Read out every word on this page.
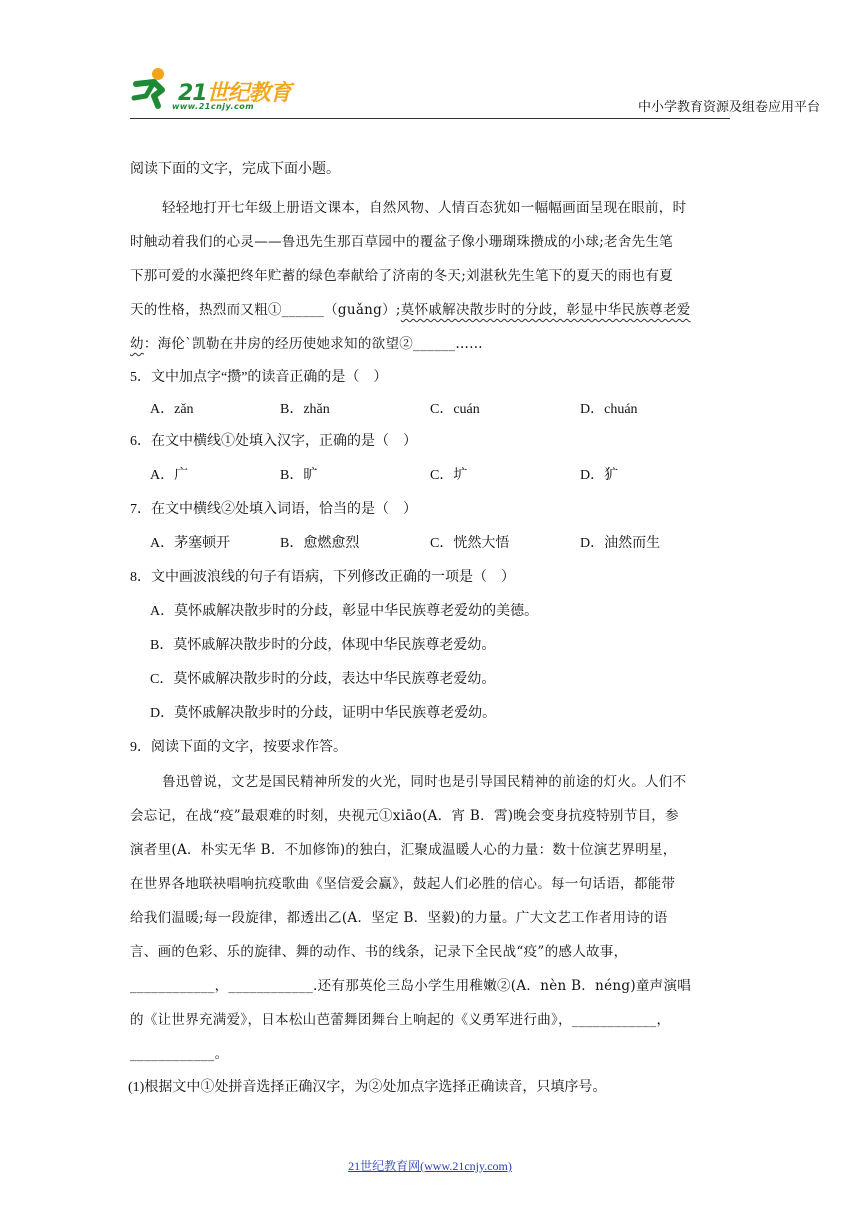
21世纪教育
www.21cnjy.com	中小学教育资源及组卷应用平台
阅读下面的文字，完成下面小题。
轻轻地打开七年级上册语文课本，自然风物、人情百态犹如一幅幅画面呈现在眼前，时
时触动着我们的心灵——鲁迅先生那百草园中的覆盆子像小珊瑚珠攒成的小球;老舍先生笔
下那可爱的水藻把终年贮蓄的绿色奉献给了济南的冬天;刘湛秋先生笔下的夏天的雨也有夏
天的性格，热烈而又粗①______（guǎng）;莫怀戚解决散步时的分歧，彰显中华民族尊老爱
幼：海伦`凯勒在井房的经历使她求知的欲望②______……
5．文中加点字“攒”的读音正确的是（　）
A．zǎn	B．zhǎn	C．cuán	D．chuán
6．在文中横线①处填入汉字，正确的是（　）
A．广	B．旷	C．圹	D．犷
7．在文中横线②处填入词语，恰当的是（　）
A．茅塞顿开	B．愈燃愈烈	C．恍然大悟	D．油然而生
8．文中画波浪线的句子有语病，下列修改正确的一项是（　）
A．莫怀戚解决散步时的分歧，彰显中华民族尊老爱幼的美德。
B．莫怀戚解决散步时的分歧，体现中华民族尊老爱幼。
C．莫怀戚解决散步时的分歧，表达中华民族尊老爱幼。
D．莫怀戚解决散步时的分歧，证明中华民族尊老爱幼。
9．阅读下面的文字，按要求作答。
鲁迅曾说，文艺是国民精神所发的火光，同时也是引导国民精神的前途的灯火。人们不
会忘记，在战“疫”最艰难的时刻，央视元①xiāo(A．宵 B．霄)晚会变身抗疫特别节目，参
演者里(A．朴实无华 B．不加修饰)的独白，汇聚成温暖人心的力量：数十位演艺界明星，
在世界各地联袂唱响抗疫歌曲《坚信爱会赢》，鼓起人们必胜的信心。每一句话语，都能带
给我们温暖;每一段旋律，都透出乙(A．坚定 B．坚毅)的力量。广大文艺工作者用诗的语
言、画的色彩、乐的旋律、舞的动作、书的线条，记录下全民战“疫”的感人故事，
____________，____________.还有那英伦三岛小学生用稚嫩②(A．nèn B．néng)童声演唱
的《让世界充满爱》，日本松山芭蕾舞团舞台上响起的《义勇军进行曲》，____________，
____________。
(1)根据文中①处拼音选择正确汉字，为②处加点字选择正确读音，只填序号。
21世纪教育网(www.21cnjy.com)
